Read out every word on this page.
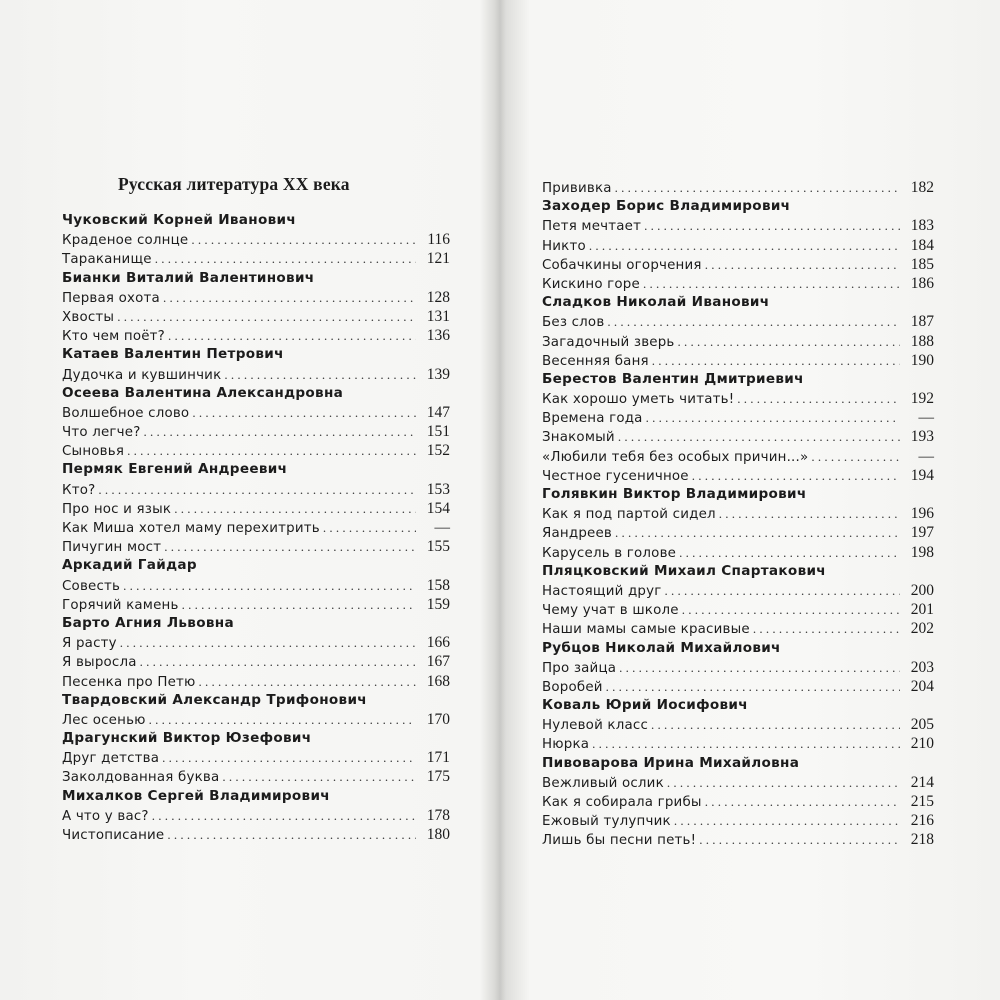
Русская литература XX века
Чуковский Корней Иванович
Краденое солнце . . .	116
Тараканище . . .	121
Бианки Виталий Валентинович
Первая охота . . .	128
Хвосты . . .	131
Кто чем поёт? . . .	136
Катаев Валентин Петрович
Дудочка и кувшинчик . . .	139
Осеева Валентина Александровна
Волшебное слово . . .	147
Что легче? . . .	151
Сыновья . . .	152
Пермяк Евгений Андреевич
Кто? . . .	153
Про нос и язык . . .	154
Как Миша хотел маму перехитрить . . .	—
Пичугин мост . . .	155
Аркадий Гайдар
Совесть . . .	158
Горячий камень . . .	159
Барто Агния Львовна
Я расту . . .	166
Я выросла . . .	167
Песенка про Петю . . .	168
Твардовский Александр Трифонович
Лес осенью . . .	170
Драгунский Виктор Юзефович
Друг детства . . .	171
Заколдованная буква . . .	175
Михалков Сергей Владимирович
А что у вас? . . .	178
Чистописание . . .	180
Прививка . . .	182
Заходер Борис Владимирович
Петя мечтает . . .	183
Никто . . .	184
Собачкины огорчения . . .	185
Кискино горе . . .	186
Сладков Николай Иванович
Без слов . . .	187
Загадочный зверь . . .	188
Весенняя баня . . .	190
Берестов Валентин Дмитриевич
Как хорошо уметь читать! . . .	192
Времена года . . .	—
Знакомый . . .	193
«Любили тебя без особых причин...» . . .	—
Честное гусеничное . . .	194
Голявкин Виктор Владимирович
Как я под партой сидел . . .	196
Яандреев . . .	197
Карусель в голове . . .	198
Пляцковский Михаил Спартакович
Настоящий друг . . .	200
Чему учат в школе . . .	201
Наши мамы самые красивые . . .	202
Рубцов Николай Михайлович
Про зайца . . .	203
Воробей . . .	204
Коваль Юрий Иосифович
Нулевой класс . . .	205
Нюрка . . .	210
Пивоварова Ирина Михайловна
Вежливый ослик . . .	214
Как я собирала грибы . . .	215
Ежовый тулупчик . . .	216
Лишь бы песни петь! . . .	218
